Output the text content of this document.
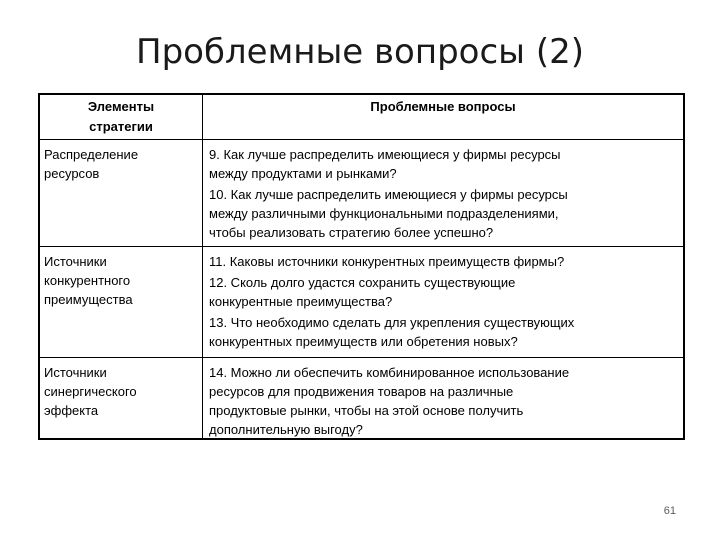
Проблемные вопросы (2)
Элементы
стратегии
Проблемные вопросы
Распределение
ресурсов
9. Как лучше распределить имеющиеся у фирмы ресурсы
между продуктами и рынками?
10. Как лучше распределить имеющиеся у фирмы ресурсы
между различными функциональными подразделениями,
чтобы реализовать стратегию более успешно?
Источники
конкурентного
преимущества
11. Каковы источники конкурентных преимуществ фирмы?
12. Сколь долго удастся сохранить существующие
конкурентные преимущества?
13. Что необходимо сделать для укрепления существующих
конкурентных преимуществ или обретения новых?
Источники
синергического
эффекта
14. Можно ли обеспечить комбинированное использование
ресурсов для продвижения товаров на различные
продуктовые рынки, чтобы на этой основе получить
дополнительную выгоду?
61
